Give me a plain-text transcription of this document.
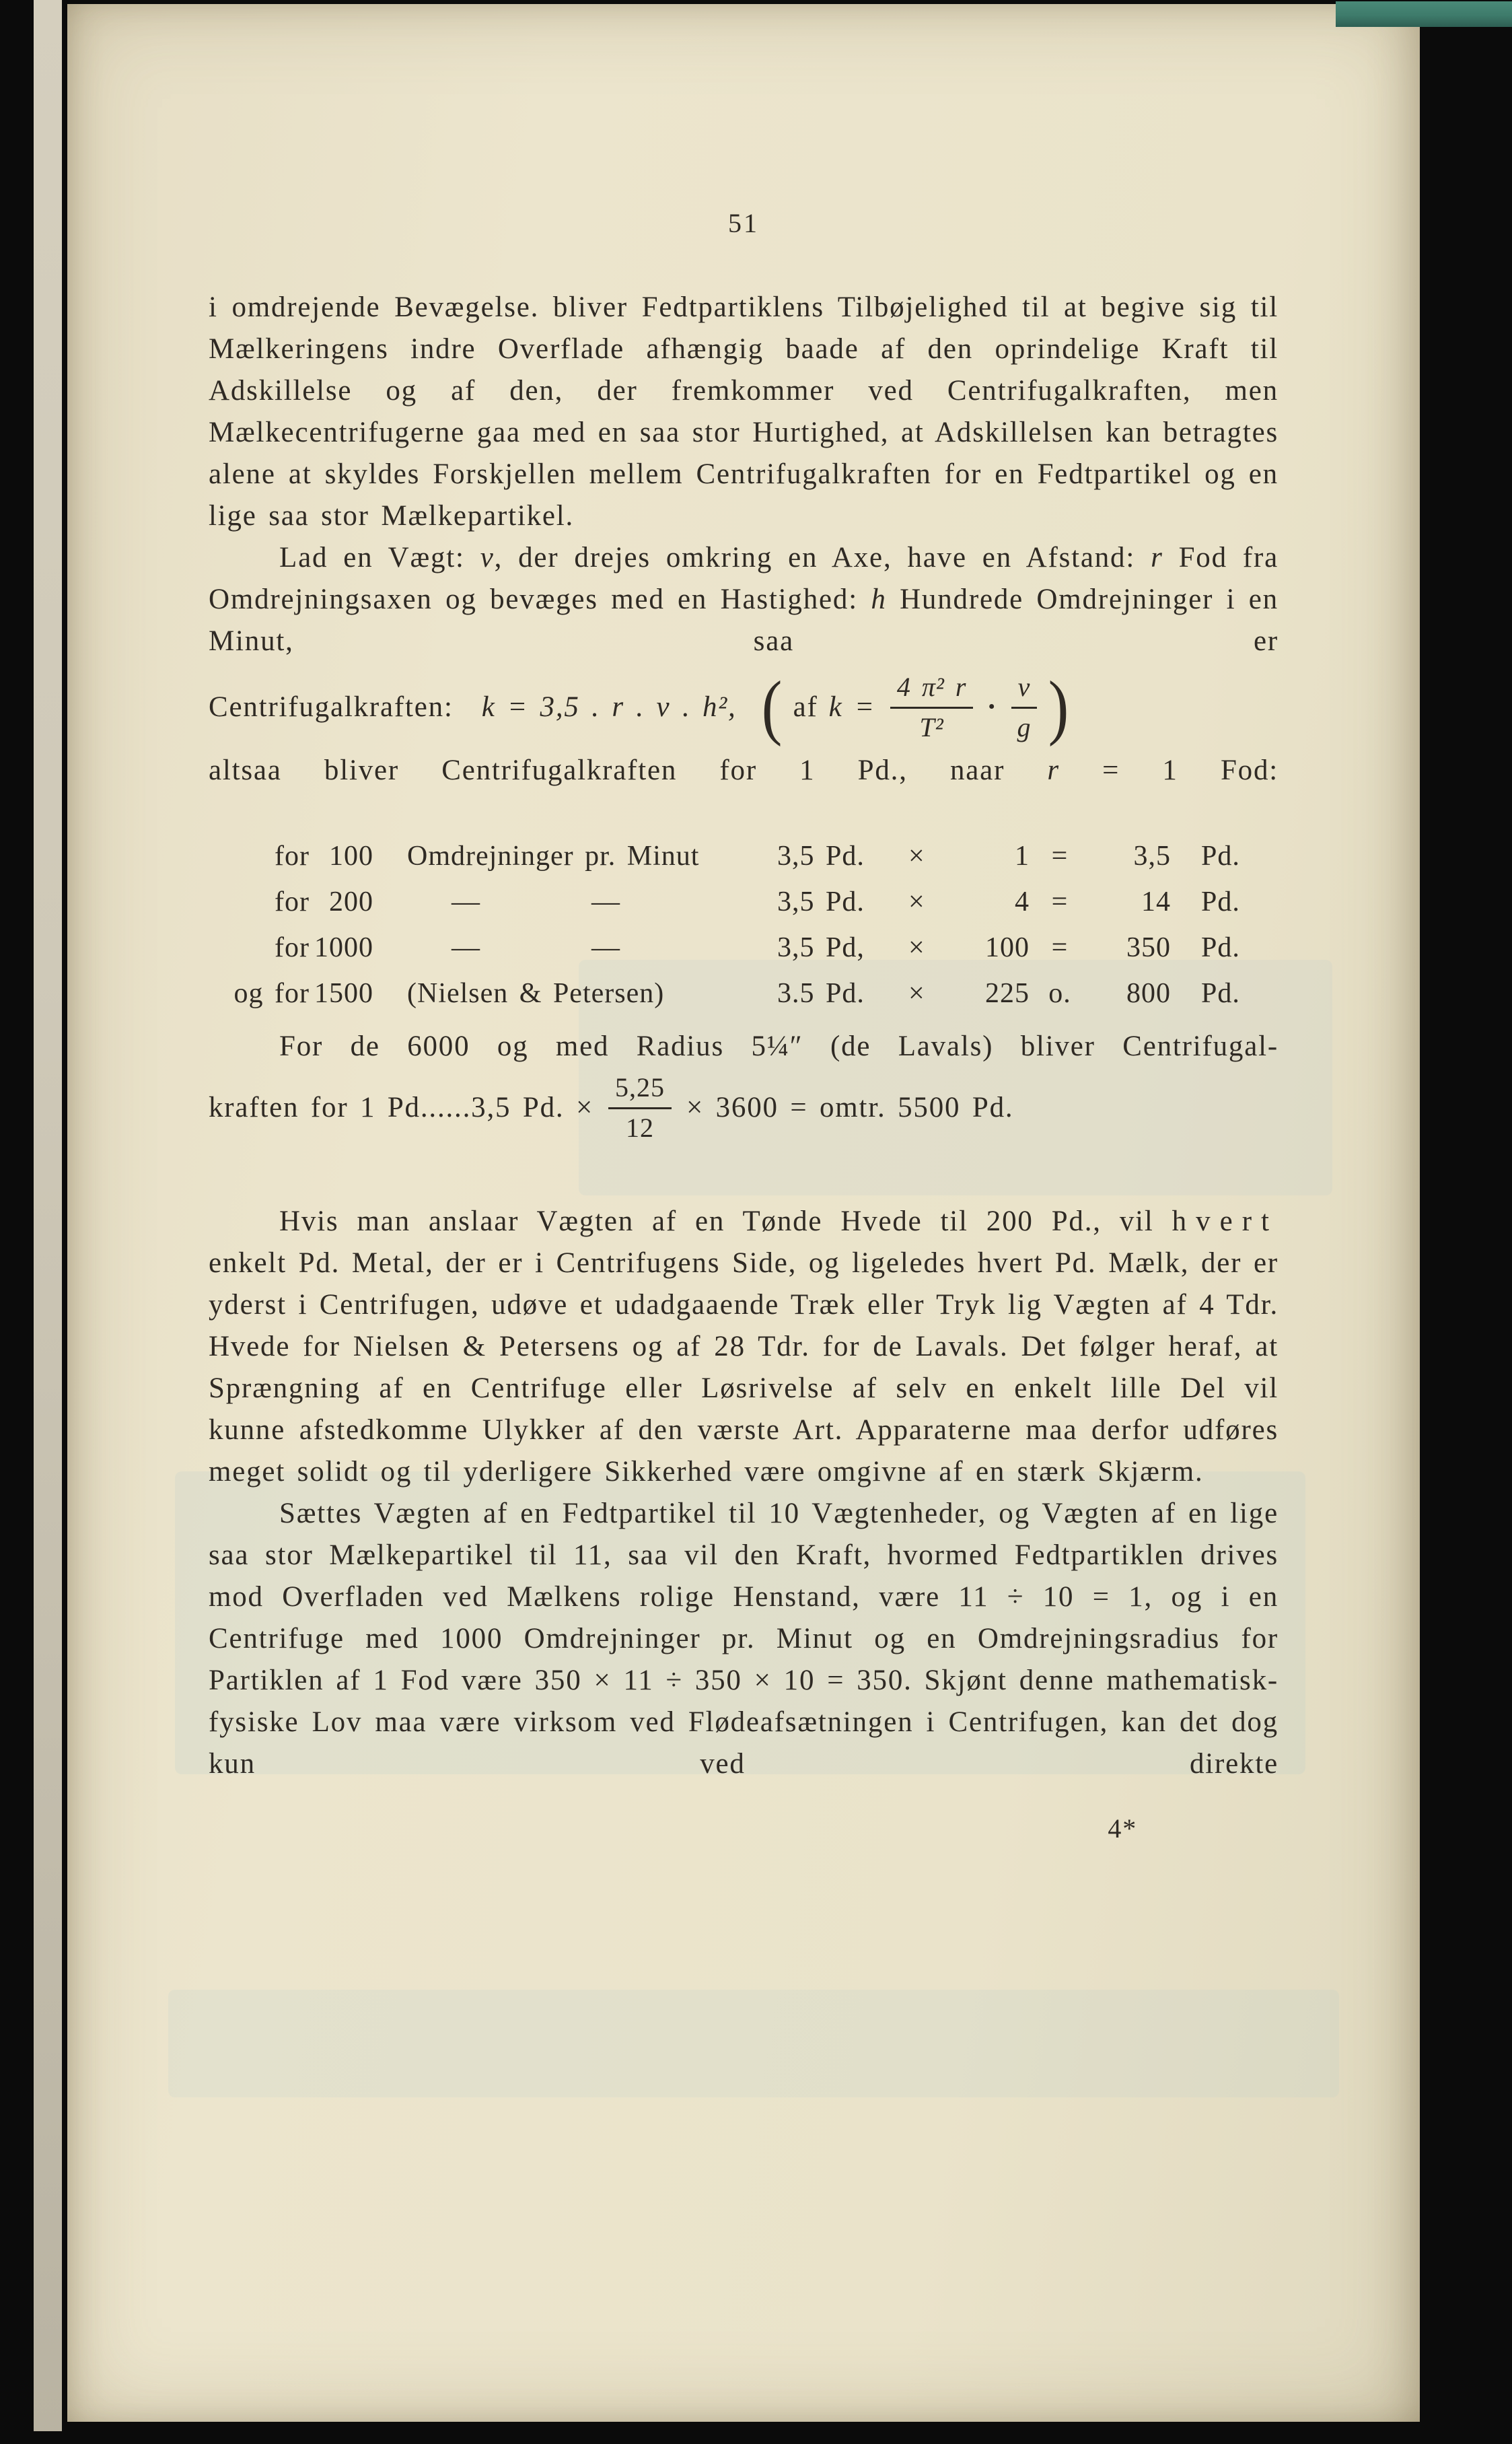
51

i omdrejende Bevægelse. bliver Fedtpartiklens Tilbøjelighed til at begive sig til Mælkeringens indre Overflade afhængig baade af den oprindelige Kraft til Adskillelse og af den, der fremkommer ved Centrifugalkraften, men Mælkecentrifugerne gaa med en saa stor Hurtighed, at Adskillelsen kan betragtes alene at skyldes Forskjellen mellem Centrifugalkraften for en Fedtpartikel og en lige saa stor Mælkepartikel.

Lad en Vægt: v, der drejes omkring en Axe, have en Afstand: r Fod fra Omdrejningsaxen og bevæges med en Hastighed: h Hundrede Omdrejninger i en Minut, saa er

Centrifugalkraften: k = 3,5 . r . v . h², ( af $k = \frac{\text{4 π² r}}{\text{T²}} \cdot \frac{v}{g}$ )
altsaa bliver Centrifugalkraften for 1 Pd., naar r = 1 Fod:
for	100	Omdrejninger pr. Minut	3,5 Pd.	×	1	=	3,5	Pd.
for	200	—          —	3,5 Pd.	×	4	=	14	Pd.
for	1000	—          —	3,5 Pd,	×	100	=	350	Pd.
og for	1500	(Nielsen & Petersen)	3.5 Pd.	×	225	o.	800	Pd.

For de 6000 og med Radius 5¼″ (de Lavals) bliver Centrifugal-

kraften for 1 Pd......3,5 Pd. × $\frac{5,25}{12} \times 3600$ = omtr. 5500 Pd.

Hvis man anslaar Vægten af en Tønde Hvede til 200 Pd., vil hvert enkelt Pd. Metal, der er i Centrifugens Side, og ligeledes hvert Pd. Mælk, der er yderst i Centrifugen, udøve et udadgaaende Træk eller Tryk lig Vægten af 4 Tdr. Hvede for Nielsen & Petersens og af 28 Tdr. for de Lavals. Det følger heraf, at Sprængning af en Centrifuge eller Løsrivelse af selv en enkelt lille Del vil kunne afstedkomme Ulykker af den værste Art. Apparaterne maa derfor udføres meget solidt og til yderligere Sikkerhed være omgivne af en stærk Skjærm.

Sættes Vægten af en Fedtpartikel til 10 Vægtenheder, og Vægten af en lige saa stor Mælkepartikel til 11, saa vil den Kraft, hvormed Fedtpartiklen drives mod Overfladen ved Mælkens rolige Henstand, være 11 ÷ 10 = 1, og i en Centrifuge med 1000 Omdrejninger pr. Minut og en Omdrejningsradius for Partiklen af 1 Fod være 350 × 11 ÷ 350 × 10 = 350. Skjønt denne mathematisk-fysiske Lov maa være virksom ved Flødeafsætningen i Centrifugen, kan det dog kun ved direkte

4*
